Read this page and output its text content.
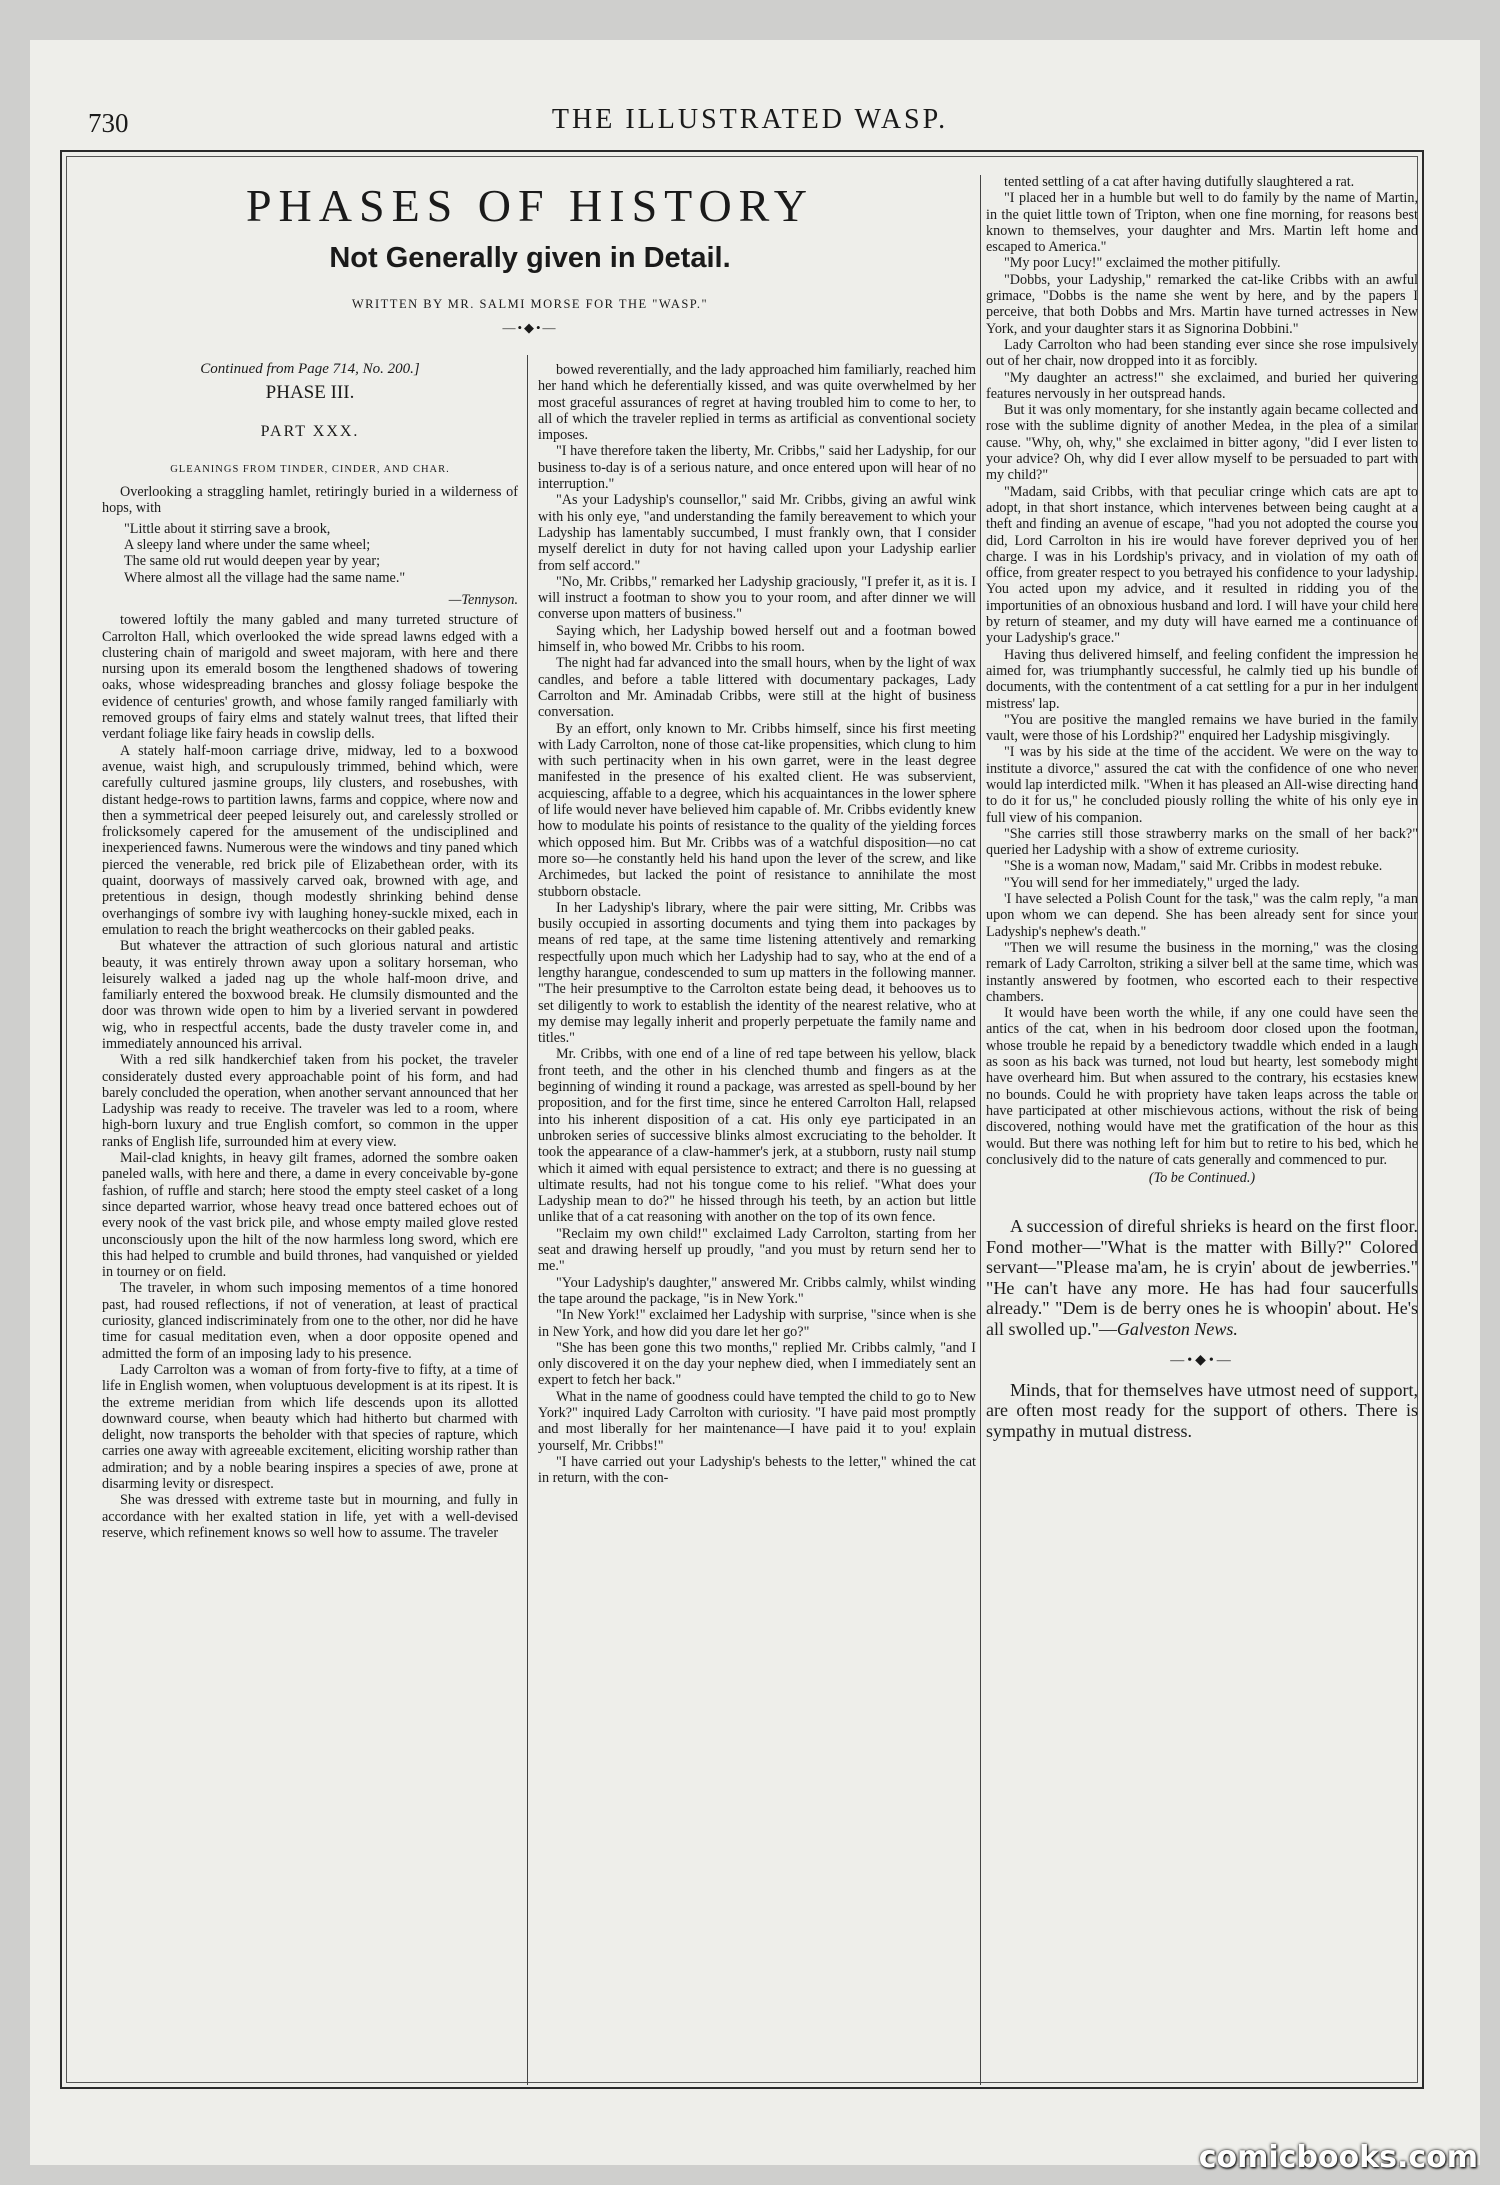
730	THE ILLUSTRATED WASP.
PHASES OF HISTORY
Not Generally given in Detail.
WRITTEN BY MR. SALMI MORSE FOR THE "WASP."
—•◆•—
Continued from Page 714, No. 200.]
PHASE III.
PART XXX.
GLEANINGS FROM TINDER, CINDER, AND CHAR.

Overlooking a straggling hamlet, retiringly buried in a wilderness of hops, with

"Little about it stirring save a brook,
A sleepy land where under the same wheel;
The same old rut would deepen year by year;
Where almost all the village had the same name."
—Tennyson.

towered loftily the many gabled and many turreted structure of Carrolton Hall, which overlooked the wide spread lawns edged with a clustering chain of marigold and sweet majoram, with here and there nursing upon its emerald bosom the lengthened shadows of towering oaks, whose widespreading branches and glossy foliage bespoke the evidence of centuries' growth, and whose family ranged familiarly with removed groups of fairy elms and stately walnut trees, that lifted their verdant foliage like fairy heads in cowslip dells.

A stately half-moon carriage drive, midway, led to a boxwood avenue, waist high, and scrupulously trimmed, behind which, were carefully cultured jasmine groups, lily clusters, and rosebushes, with distant hedge-rows to partition lawns, farms and coppice, where now and then a symmetrical deer peeped leisurely out, and carelessly strolled or frolicksomely capered for the amusement of the undisciplined and inexperienced fawns. Numerous were the windows and tiny paned which pierced the venerable, red brick pile of Elizabethean order, with its quaint, doorways of massively carved oak, browned with age, and pretentious in design, though modestly shrinking behind dense overhangings of sombre ivy with laughing honey-suckle mixed, each in emulation to reach the bright weathercocks on their gabled peaks.

But whatever the attraction of such glorious natural and artistic beauty, it was entirely thrown away upon a solitary horseman, who leisurely walked a jaded nag up the whole half-moon drive, and familiarly entered the boxwood break. He clumsily dismounted and the door was thrown wide open to him by a liveried servant in powdered wig, who in respectful accents, bade the dusty traveler come in, and immediately announced his arrival.

With a red silk handkerchief taken from his pocket, the traveler considerately dusted every approachable point of his form, and had barely concluded the operation, when another servant announced that her Ladyship was ready to receive. The traveler was led to a room, where high-born luxury and true English comfort, so common in the upper ranks of English life, surrounded him at every view.

Mail-clad knights, in heavy gilt frames, adorned the sombre oaken paneled walls, with here and there, a dame in every conceivable by-gone fashion, of ruffle and starch; here stood the empty steel casket of a long since departed warrior, whose heavy tread once battered echoes out of every nook of the vast brick pile, and whose empty mailed glove rested unconsciously upon the hilt of the now harmless long sword, which ere this had helped to crumble and build thrones, had vanquished or yielded in tourney or on field.

The traveler, in whom such imposing mementos of a time honored past, had roused reflections, if not of veneration, at least of practical curiosity, glanced indiscriminately from one to the other, nor did he have time for casual meditation even, when a door opposite opened and admitted the form of an imposing lady to his presence.

Lady Carrolton was a woman of from forty-five to fifty, at a time of life in English women, when voluptuous development is at its ripest. It is the extreme meridian from which life descends upon its allotted downward course, when beauty which had hitherto but charmed with delight, now transports the beholder with that species of rapture, which carries one away with agreeable excitement, eliciting worship rather than admiration; and by a noble bearing inspires a species of awe, prone at disarming levity or disrespect.

She was dressed with extreme taste but in mourning, and fully in accordance with her exalted station in life, yet with a well-devised reserve, which refinement knows so well how to assume. The traveler

bowed reverentially, and the lady approached him familiarly, reached him her hand which he deferentially kissed, and was quite overwhelmed by her most graceful assurances of regret at having troubled him to come to her, to all of which the traveler replied in terms as artificial as conventional society imposes.

"I have therefore taken the liberty, Mr. Cribbs," said her Ladyship, for our business to-day is of a serious nature, and once entered upon will hear of no interruption."

"As your Ladyship's counsellor," said Mr. Cribbs, giving an awful wink with his only eye, "and understanding the family bereavement to which your Ladyship has lamentably succumbed, I must frankly own, that I consider myself derelict in duty for not having called upon your Ladyship earlier from self accord."

"No, Mr. Cribbs," remarked her Ladyship graciously, "I prefer it, as it is. I will instruct a footman to show you to your room, and after dinner we will converse upon matters of business."

Saying which, her Ladyship bowed herself out and a footman bowed himself in, who bowed Mr. Cribbs to his room.

The night had far advanced into the small hours, when by the light of wax candles, and before a table littered with documentary packages, Lady Carrolton and Mr. Aminadab Cribbs, were still at the hight of business conversation.

By an effort, only known to Mr. Cribbs himself, since his first meeting with Lady Carrolton, none of those cat-like propensities, which clung to him with such pertinacity when in his own garret, were in the least degree manifested in the presence of his exalted client. He was subservient, acquiescing, affable to a degree, which his acquaintances in the lower sphere of life would never have believed him capable of. Mr. Cribbs evidently knew how to modulate his points of resistance to the quality of the yielding forces which opposed him. But Mr. Cribbs was of a watchful disposition—no cat more so—he constantly held his hand upon the lever of the screw, and like Archimedes, but lacked the point of resistance to annihilate the most stubborn obstacle.

In her Ladyship's library, where the pair were sitting, Mr. Cribbs was busily occupied in assorting documents and tying them into packages by means of red tape, at the same time listening attentively and remarking respectfully upon much which her Ladyship had to say, who at the end of a lengthy harangue, condescended to sum up matters in the following manner. "The heir presumptive to the Carrolton estate being dead, it behooves us to set diligently to work to establish the identity of the nearest relative, who at my demise may legally inherit and properly perpetuate the family name and titles."

Mr. Cribbs, with one end of a line of red tape between his yellow, black front teeth, and the other in his clenched thumb and fingers as at the beginning of winding it round a package, was arrested as spell-bound by her proposition, and for the first time, since he entered Carrolton Hall, relapsed into his inherent disposition of a cat. His only eye participated in an unbroken series of successive blinks almost excruciating to the beholder. It took the appearance of a claw-hammer's jerk, at a stubborn, rusty nail stump which it aimed with equal persistence to extract; and there is no guessing at ultimate results, had not his tongue come to his relief. "What does your Ladyship mean to do?" he hissed through his teeth, by an action but little unlike that of a cat reasoning with another on the top of its own fence.

"Reclaim my own child!" exclaimed Lady Carrolton, starting from her seat and drawing herself up proudly, "and you must by return send her to me."

"Your Ladyship's daughter," answered Mr. Cribbs calmly, whilst winding the tape around the package, "is in New York."

"In New York!" exclaimed her Ladyship with surprise, "since when is she in New York, and how did you dare let her go?"

"She has been gone this two months," replied Mr. Cribbs calmly, "and I only discovered it on the day your nephew died, when I immediately sent an expert to fetch her back."

What in the name of goodness could have tempted the child to go to New York?" inquired Lady Carrolton with curiosity. "I have paid most promptly and most liberally for her maintenance—I have paid it to you! explain yourself, Mr. Cribbs!"

"I have carried out your Ladyship's behests to the letter," whined the cat in return, with the con-

tented settling of a cat after having dutifully slaughtered a rat.

"I placed her in a humble but well to do family by the name of Martin, in the quiet little town of Tripton, when one fine morning, for reasons best known to themselves, your daughter and Mrs. Martin left home and escaped to America."

"My poor Lucy!" exclaimed the mother pitifully.

"Dobbs, your Ladyship," remarked the cat-like Cribbs with an awful grimace, "Dobbs is the name she went by here, and by the papers I perceive, that both Dobbs and Mrs. Martin have turned actresses in New York, and your daughter stars it as Signorina Dobbini."

Lady Carrolton who had been standing ever since she rose impulsively out of her chair, now dropped into it as forcibly.

"My daughter an actress!" she exclaimed, and buried her quivering features nervously in her outspread hands.

But it was only momentary, for she instantly again became collected and rose with the sublime dignity of another Medea, in the plea of a similar cause. "Why, oh, why," she exclaimed in bitter agony, "did I ever listen to your advice? Oh, why did I ever allow myself to be persuaded to part with my child?"

"Madam, said Cribbs, with that peculiar cringe which cats are apt to adopt, in that short instance, which intervenes between being caught at a theft and finding an avenue of escape, "had you not adopted the course you did, Lord Carrolton in his ire would have forever deprived you of her charge. I was in his Lordship's privacy, and in violation of my oath of office, from greater respect to you betrayed his confidence to your ladyship. You acted upon my advice, and it resulted in ridding you of the importunities of an obnoxious husband and lord. I will have your child here by return of steamer, and my duty will have earned me a continuance of your Ladyship's grace."

Having thus delivered himself, and feeling confident the impression he aimed for, was triumphantly successful, he calmly tied up his bundle of documents, with the contentment of a cat settling for a pur in her indulgent mistress' lap.

"You are positive the mangled remains we have buried in the family vault, were those of his Lordship?" enquired her Ladyship misgivingly.

"I was by his side at the time of the accident. We were on the way to institute a divorce," assured the cat with the confidence of one who never would lap interdicted milk. "When it has pleased an All-wise directing hand to do it for us," he concluded piously rolling the white of his only eye in full view of his companion.

"She carries still those strawberry marks on the small of her back?" queried her Ladyship with a show of extreme curiosity.

"She is a woman now, Madam," said Mr. Cribbs in modest rebuke.

"You will send for her immediately," urged the lady.

'I have selected a Polish Count for the task," was the calm reply, "a man upon whom we can depend. She has been already sent for since your Ladyship's nephew's death."

"Then we will resume the business in the morning," was the closing remark of Lady Carrolton, striking a silver bell at the same time, which was instantly answered by footmen, who escorted each to their respective chambers.

It would have been worth the while, if any one could have seen the antics of the cat, when in his bedroom door closed upon the footman, whose trouble he repaid by a benedictory twaddle which ended in a laugh as soon as his back was turned, not loud but hearty, lest somebody might have overheard him. But when assured to the contrary, his ecstasies knew no bounds. Could he with propriety have taken leaps across the table or have participated at other mischievous actions, without the risk of being discovered, nothing would have met the gratification of the hour as this would. But there was nothing left for him but to retire to his bed, which he conclusively did to the nature of cats generally and commenced to pur.

(To be Continued.)

A succession of direful shrieks is heard on the first floor. Fond mother—"What is the matter with Billy?" Colored servant—"Please ma'am, he is cryin' about de jewberries." "He can't have any more. He has had four saucerfulls already." "Dem is de berry ones he is whoopin' about. He's all swolled up."—Galveston News.

—•◆•—

Minds, that for themselves have utmost need of support, are often most ready for the support of others. There is sympathy in mutual distress.

comicbooks.com
